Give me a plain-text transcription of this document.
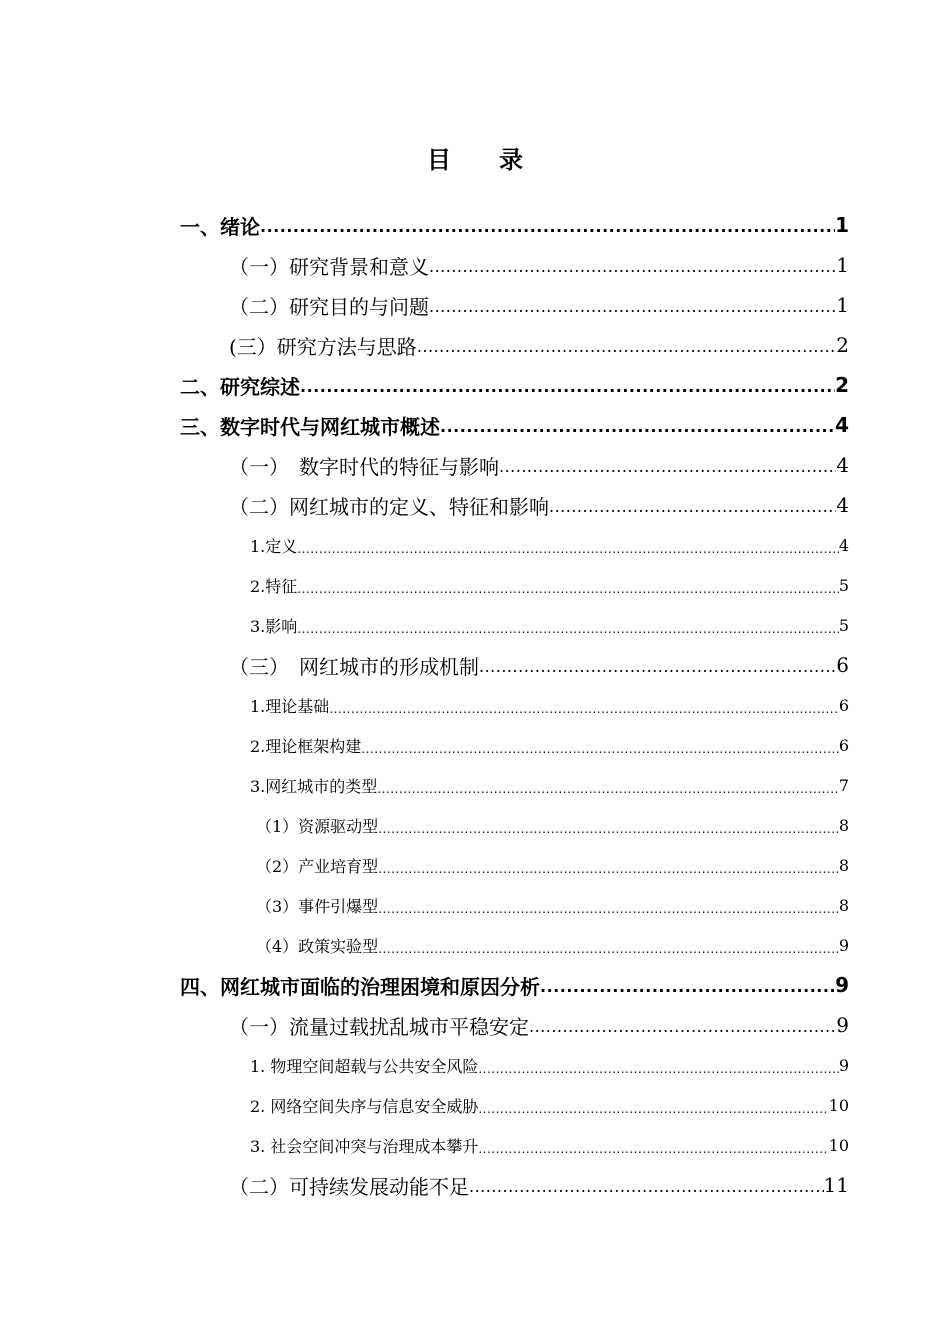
目　　录
一、绪论 .....	1
（一）研究背景和意义 .....	1
（二）研究目的与问题 .....	1
(三）研究方法与思路 .....	2
二、研究综述 .....	2
三、数字时代与网红城市概述 .....	4
（一）　数字时代的特征与影响 .....	4
（二）网红城市的定义、特征和影响 .....	4
1.定义 .....	4
2.特征 .....	5
3.影响 .....	5
（三）　网红城市的形成机制 .....	6
1.理论基础 .....	6
2.理论框架构建 .....	6
3.网红城市的类型 .....	7
（1）资源驱动型 .....	8
（2）产业培育型 .....	8
（3）事件引爆型 .....	8
（4）政策实验型 .....	9
四、网红城市面临的治理困境和原因分析 .....	9
（一）流量过载扰乱城市平稳安定 .....	9
1. 物理空间超载与公共安全风险 .....	9
2. 网络空间失序与信息安全威胁 .....	10
3. 社会空间冲突与治理成本攀升 .....	10
（二）可持续发展动能不足 .....	11
